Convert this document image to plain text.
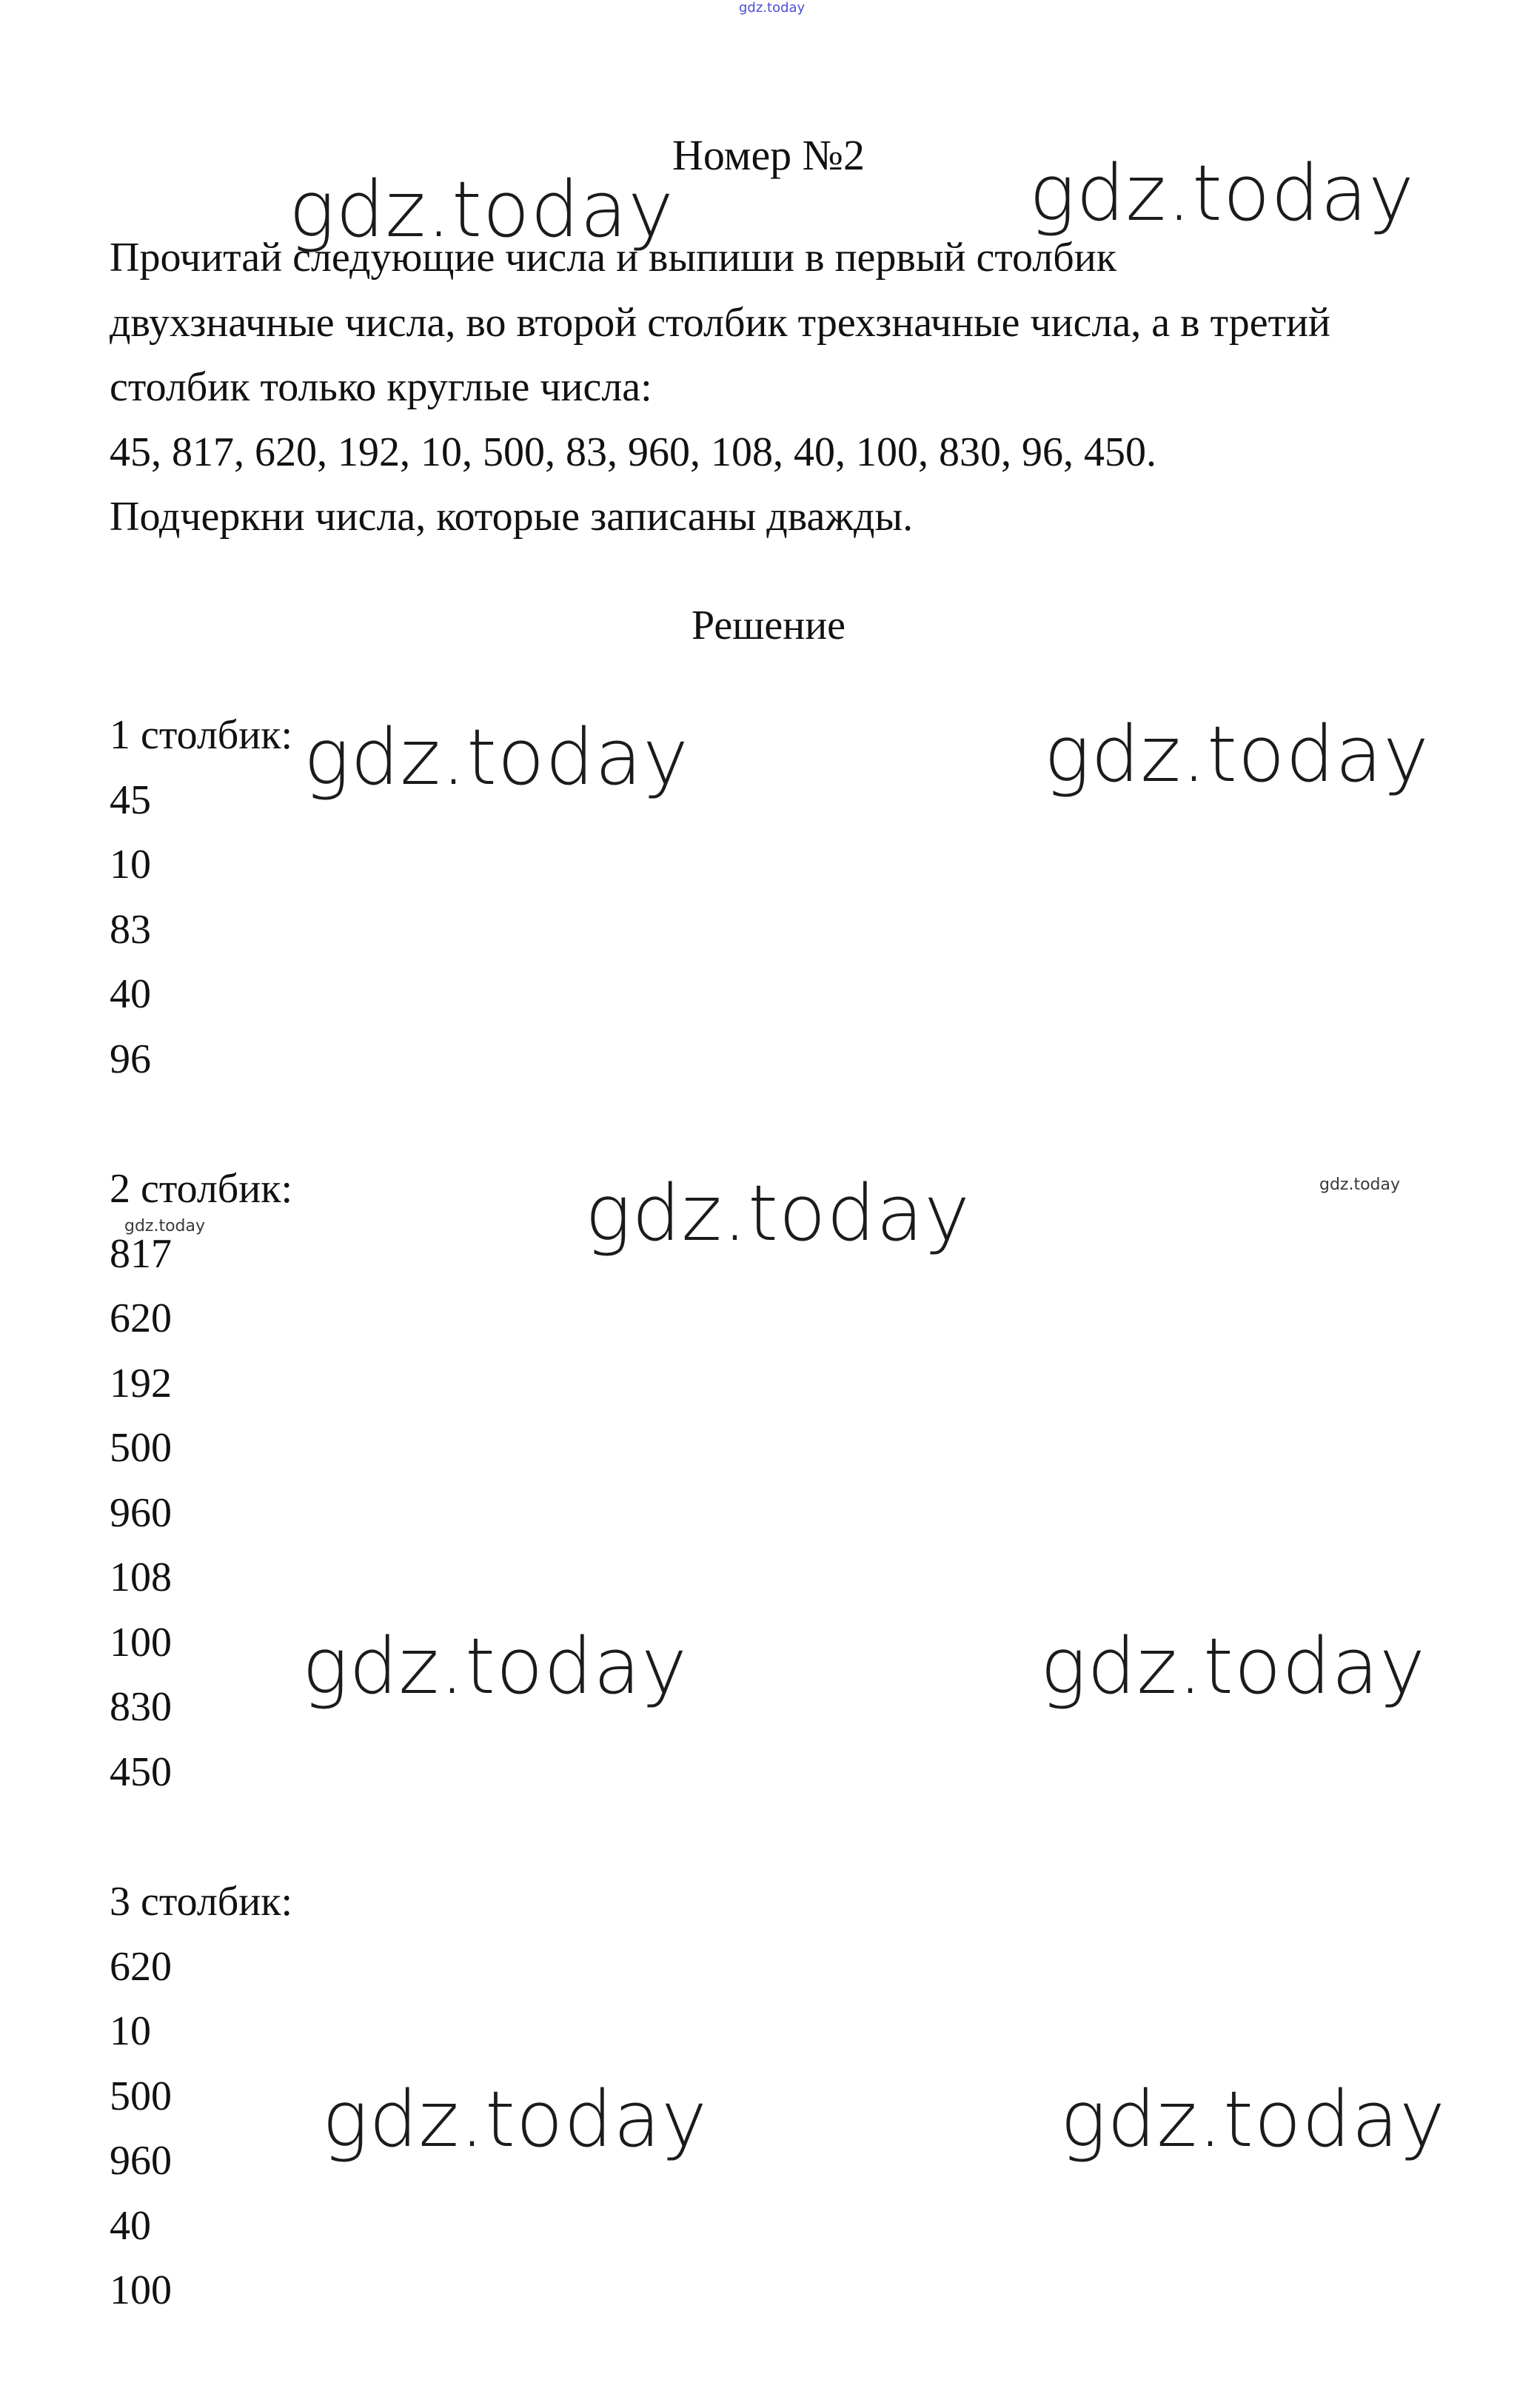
gdz.today
Номер №2
Прочитай следующие числа и выпиши в первый столбик
двухзначные числа, во второй столбик трехзначные числа, а в третий
столбик только круглые числа:
45, 817, 620, 192, 10, 500, 83, 960, 108, 40, 100, 830, 96, 450.
Подчеркни числа, которые записаны дважды.
Решение
1 столбик:
45
10
83
40
96
2 столбик:
817
620
192
500
960
108
100
830
450
3 столбик:
620
10
500
960
40
100
gdz.today	gdz.today
gdz.today	gdz.today
gdz.today	gdz.today
gdz.today
gdz.today	gdz.today
gdz.today	gdz.today
